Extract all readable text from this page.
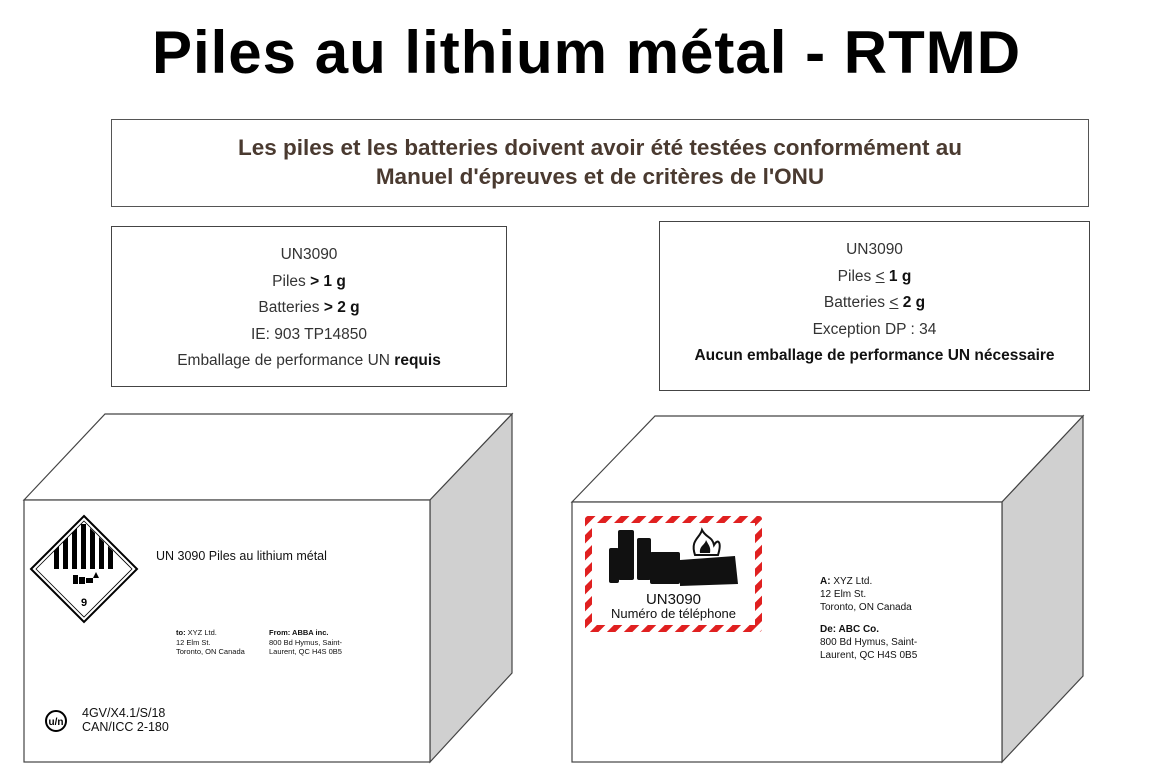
Piles au lithium métal - RTMD
Les piles et les batteries doivent avoir été testées conformément au
Manuel d'épreuves et de critères de l'ONU
UN3090
Piles > 1 g
Batteries > 2 g
IE: 903 TP14850
Emballage de performance UN requis
UN3090
Piles < 1 g
Batteries < 2 g
Exception DP : 34
Aucun emballage de performance UN nécessaire
9
u/n
UN 3090 Piles au lithium métal
to: XYZ Ltd.
12 Elm St.
Toronto, ON Canada
From: ABBA inc.
800 Bd Hymus, Saint-
Laurent, QC H4S 0B5
4GV/X4.1/S/18
CAN/ICC 2-180
UN3090
Numéro de téléphone
A: XYZ Ltd.
12 Elm St.
Toronto, ON Canada
De: ABC Co.
800 Bd Hymus, Saint-
Laurent, QC H4S 0B5
